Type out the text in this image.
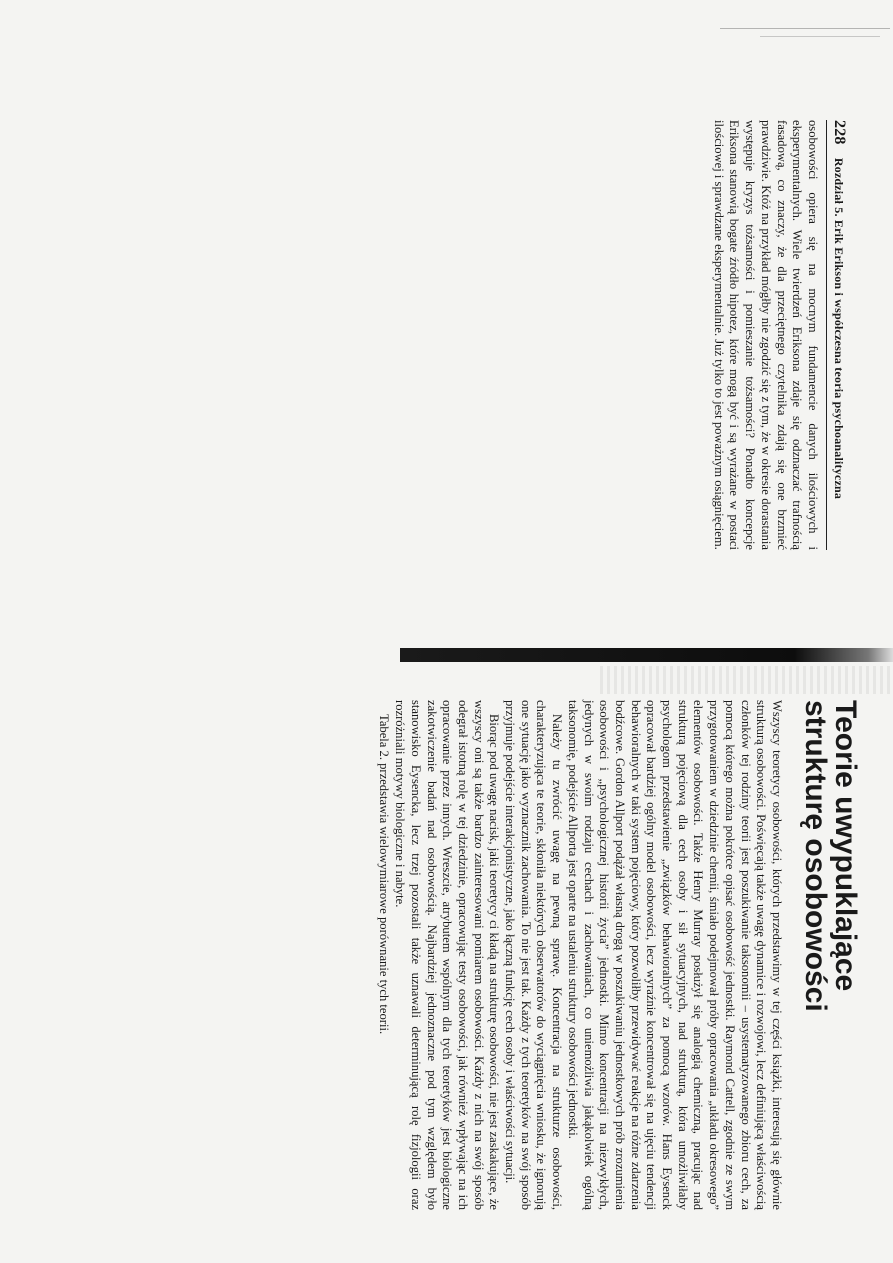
228 Rozdział 5. Erik Erikson i współczesna teoria psychoanalityczna

osobowości opiera się na mocnym fundamencie danych ilościowych i eksperymentalnych. Wiele twierdzeń Eriksona zdaje się odznaczać trafnością fasadową, co znaczy, że dla przeciętnego czytelnika zdają się one brzmieć prawdziwie. Któż na przykład mógłby nie zgodzić się z tym, że w okresie dorastania występuje kryzys tożsamości i pomieszanie tożsamości? Ponadto koncepcje Eriksona stanowią bogate źródło hipotez, które mogą być i są wyrażane w postaci ilościowej i sprawdzane eksperymentalnie. Już tylko to jest poważnym osiągnięciem.

Teorie uwypuklające
strukturę osobowości

Wszyscy teoretycy osobowości, których przedstawimy w tej części książki, interesują się głównie strukturą osobowości. Poświęcają także uwagę dynamice i rozwojowi, lecz definiującą właściwością członków tej rodziny teorii jest poszukiwanie taksonomii – usystematyzowanego zbioru cech, za pomocą którego można pokrótce opisać osobowość jednostki. Raymond Cattell, zgodnie ze swym przygotowaniem w dziedzinie chemii, śmiało podejmował próby opracowania „układu okresowego” elementów osobowości. Także Henry Murray posłużył się analogią chemiczną, pracując nad strukturą pojęciową dla cech osoby i sił sytuacyjnych, nad strukturą, która umożliwiłaby psychologom przedstawienie „związków behawioralnych” za pomocą wzorów. Hans Eysenck opracował bardziej ogólny model osobowości, lecz wyraźnie koncentrował się na ujęciu tendencji behawioralnych w taki system pojęciowy, który pozwoliłby przewidywać reakcje na różne zdarzenia bodźcowe. Gordon Allport podążał własną drogą w poszukiwaniu jednostkowych prób zrozumienia osobowości i „psychologicznej historii życia” jednostki. Mimo koncentracji na niezwykłych, jedynych w swoim rodzaju cechach i zachowaniach, co uniemożliwia jakąkolwiek ogólną taksonomię, podejście Allporta jest oparte na ustaleniu struktury osobowości jednostki.

Należy tu zwrócić uwagę na pewną sprawę. Koncentracja na strukturze osobowości, charakteryzująca te teorie, skłoniła niektórych obserwatorów do wyciągnięcia wniosku, że ignorują one sytuację jako wyznacznik zachowania. To nie jest tak. Każdy z tych teoretyków na swój sposób przyjmuje podejście interakcjonistyczne, jako łączną funkcję cech osoby i właściwości sytuacji.

Biorąc pod uwagę nacisk, jaki teoretycy ci kładą na strukturę osobowości, nie jest zaskakujące, że wszyscy oni są także bardzo zainteresowani pomiarem osobowości. Każdy z nich na swój sposób odegrał istotną rolę w tej dziedzinie, opracowując testy osobowości, jak również wpływając na ich opracowanie przez innych. Wreszcie, atrybutem wspólnym dla tych teoretyków jest biologiczne zakotwiczenie badań nad osobowością. Najbardziej jednoznaczne pod tym względem było stanowisko Eysencka, lecz trzej pozostali także uznawali determinującą rolę fizjologii oraz rozróżniali motywy biologiczne i nabyte.

Tabela 2. przedstawia wielowymiarowe porównanie tych teorii.
